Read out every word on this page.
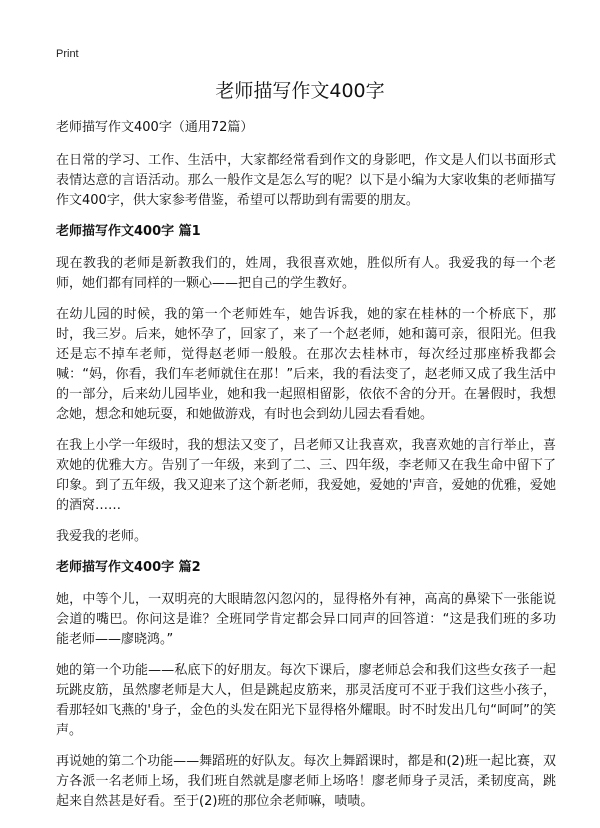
Print
老师描写作文400字
老师描写作文400字（通用72篇）

在日常的学习、工作、生活中，大家都经常看到作文的身影吧，作文是人们以书面形式表情达意的言语活动。那么一般作文是怎么写的呢？以下是小编为大家收集的老师描写作文400字，供大家参考借鉴，希望可以帮助到有需要的朋友。

老师描写作文400字 篇1

现在教我的老师是新教我们的，姓周，我很喜欢她，胜似所有人。我爱我的每一个老师，她们都有同样的一颗心——把自己的学生教好。

在幼儿园的时候，我的第一个老师姓车，她告诉我，她的家在桂林的一个桥底下，那时，我三岁。后来，她怀孕了，回家了，来了一个赵老师，她和蔼可亲，很阳光。但我还是忘不掉车老师，觉得赵老师一般般。在那次去桂林市，每次经过那座桥我都会喊：“妈，你看，我们车老师就住在那！”后来，我的看法变了，赵老师又成了我生活中的一部分，后来幼儿园毕业，她和我一起照相留影，依依不舍的分开。在暑假时，我想念她，想念和她玩耍，和她做游戏，有时也会到幼儿园去看看她。

在我上小学一年级时，我的想法又变了，吕老师又让我喜欢，我喜欢她的言行举止，喜欢她的优雅大方。告别了一年级，来到了二、三、四年级，李老师又在我生命中留下了印象。到了五年级，我又迎来了这个新老师，我爱她，爱她的'声音，爱她的优雅，爱她的酒窝……

我爱我的老师。

老师描写作文400字 篇2

她，中等个儿，一双明亮的大眼睛忽闪忽闪的，显得格外有神，高高的鼻梁下一张能说会道的嘴巴。你问这是谁？全班同学肯定都会异口同声的回答道：“这是我们班的多功能老师——廖晓鸿。”

她的第一个功能——私底下的好朋友。每次下课后，廖老师总会和我们这些女孩子一起玩跳皮筋，虽然廖老师是大人，但是跳起皮筋来，那灵活度可不亚于我们这些小孩子，看那轻如飞燕的'身子，金色的头发在阳光下显得格外耀眼。时不时发出几句“呵呵”的笑声。

再说她的第二个功能——舞蹈班的好队友。每次上舞蹈课时，都是和(2)班一起比赛，双方各派一名老师上场，我们班自然就是廖老师上场咯！廖老师身子灵活，柔韧度高，跳起来自然甚是好看。至于(2)班的那位余老师嘛，啧啧。
